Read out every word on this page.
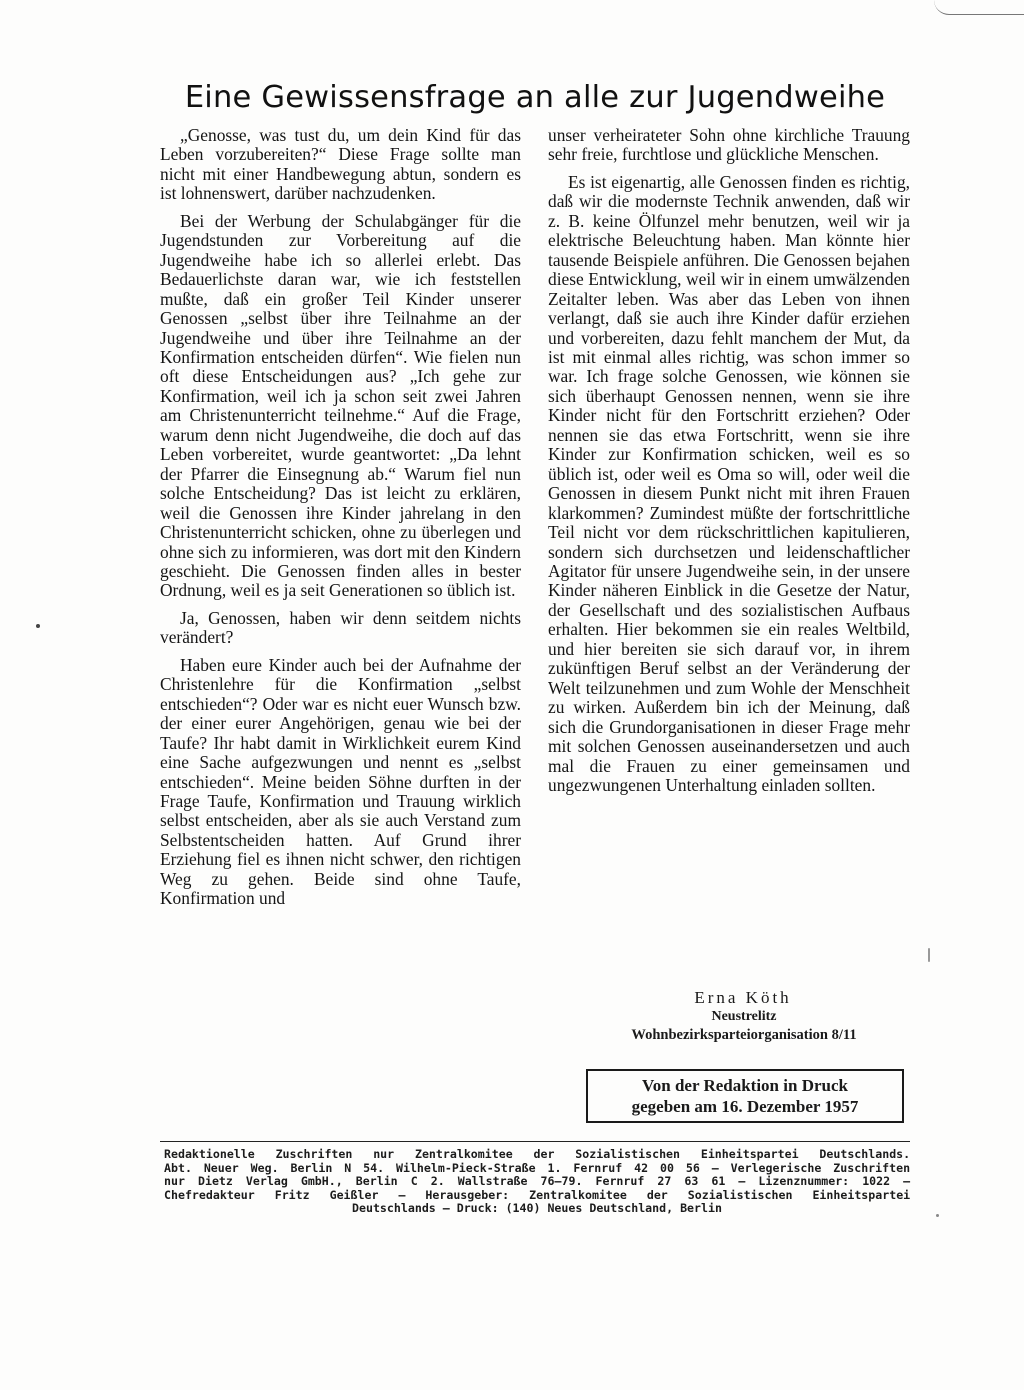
Eine Gewissensfrage an alle zur Jugendweihe

„Genosse, was tust du, um dein Kind für das Leben vorzubereiten?“ Diese Frage sollte man nicht mit einer Handbewegung abtun, sondern es ist lohnenswert, darüber nachzudenken.

Bei der Werbung der Schulabgänger für die Jugendstunden zur Vorbereitung auf die Jugendweihe habe ich so allerlei erlebt. Das Bedauerlichste daran war, wie ich feststellen mußte, daß ein großer Teil Kinder unserer Genossen „selbst über ihre Teilnahme an der Jugendweihe und über ihre Teilnahme an der Konfirmation entscheiden dürfen“. Wie fielen nun oft diese Entscheidungen aus? „Ich gehe zur Konfirmation, weil ich ja schon seit zwei Jahren am Christenunterricht teilnehme.“ Auf die Frage, warum denn nicht Jugendweihe, die doch auf das Leben vorbereitet, wurde geantwortet: „Da lehnt der Pfarrer die Einsegnung ab.“ Warum fiel nun solche Entscheidung? Das ist leicht zu erklären, weil die Genossen ihre Kinder jahrelang in den Christenunterricht schicken, ohne zu überlegen und ohne sich zu informieren, was dort mit den Kindern geschieht. Die Genossen finden alles in bester Ordnung, weil es ja seit Generationen so üblich ist.

Ja, Genossen, haben wir denn seitdem nichts verändert?

Haben eure Kinder auch bei der Aufnahme der Christenlehre für die Konfirmation „selbst entschieden“? Oder war es nicht euer Wunsch bzw. der einer eurer Angehörigen, genau wie bei der Taufe? Ihr habt damit in Wirklichkeit eurem Kind eine Sache aufgezwungen und nennt es „selbst entschieden“. Meine beiden Söhne durften in der Frage Taufe, Konfirmation und Trauung wirklich selbst entscheiden, aber als sie auch Verstand zum Selbstentscheiden hatten. Auf Grund ihrer Erziehung fiel es ihnen nicht schwer, den richtigen Weg zu gehen. Beide sind ohne Taufe, Konfirmation und

unser verheirateter Sohn ohne kirchliche Trauung sehr freie, furchtlose und glückliche Menschen.

Es ist eigenartig, alle Genossen finden es richtig, daß wir die modernste Technik anwenden, daß wir z. B. keine Ölfunzel mehr benutzen, weil wir ja elektrische Beleuchtung haben. Man könnte hier tausende Beispiele anführen. Die Genossen bejahen diese Entwicklung, weil wir in einem umwälzenden Zeitalter leben. Was aber das Leben von ihnen verlangt, daß sie auch ihre Kinder dafür erziehen und vorbereiten, dazu fehlt manchem der Mut, da ist mit einmal alles richtig, was schon immer so war. Ich frage solche Genossen, wie können sie sich überhaupt Genossen nennen, wenn sie ihre Kinder nicht für den Fortschritt erziehen? Oder nennen sie das etwa Fortschritt, wenn sie ihre Kinder zur Konfirmation schicken, weil es so üblich ist, oder weil es Oma so will, oder weil die Genossen in diesem Punkt nicht mit ihren Frauen klarkommen? Zumindest müßte der fortschrittliche Teil nicht vor dem rückschrittlichen kapitulieren, sondern sich durchsetzen und leidenschaftlicher Agitator für unsere Jugendweihe sein, in der unsere Kinder näheren Einblick in die Gesetze der Natur, der Gesellschaft und des sozialistischen Aufbaus erhalten. Hier bekommen sie ein reales Weltbild, und hier bereiten sie sich darauf vor, in ihrem zukünftigen Beruf selbst an der Veränderung der Welt teilzunehmen und zum Wohle der Menschheit zu wirken. Außerdem bin ich der Meinung, daß sich die Grundorganisationen in dieser Frage mehr mit solchen Genossen auseinandersetzen und auch mal die Frauen zu einer gemeinsamen und ungezwungenen Unterhaltung einladen sollten.

Erna Köth
Neustrelitz
Wohnbezirksparteiorganisation 8/11
Von der Redaktion in Druck
gegeben am 16. Dezember 1957
Redaktionelle Zuschriften nur Zentralkomitee der Sozialistischen Einheitspartei Deutschlands.
Abt. Neuer Weg. Berlin N 54. Wilhelm-Pieck-Straße 1. Fernruf 42 00 56 – Verlegerische Zuschriften
nur Dietz Verlag GmbH., Berlin C 2. Wallstraße 76–79. Fernruf 27 63 61 – Lizenznummer: 1022 –
Chefredakteur Fritz Geißler – Herausgeber: Zentralkomitee der Sozialistischen Einheitspartei
Deutschlands – Druck: (140) Neues Deutschland, Berlin
